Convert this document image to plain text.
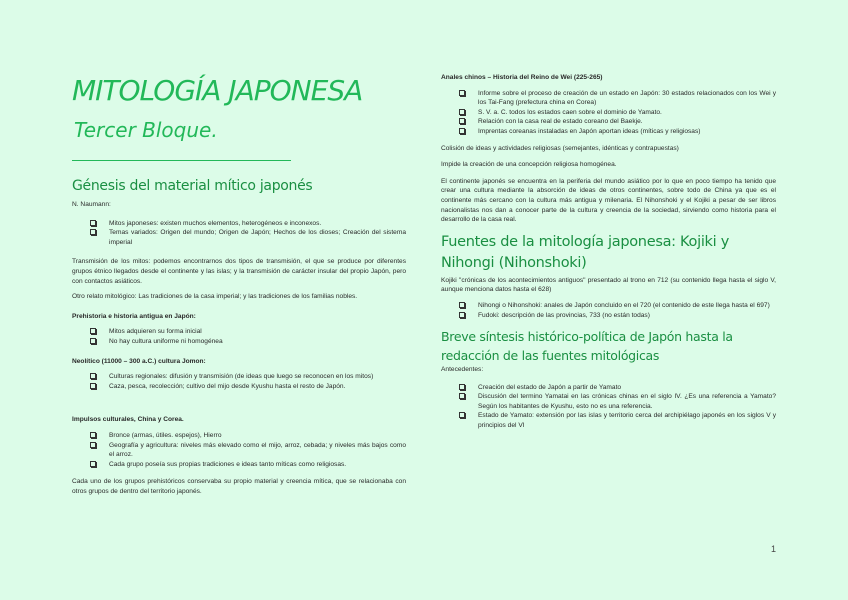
MITOLOGÍA JAPONESA
Tercer Bloque.
Génesis del material mítico japonés

N. Naumann:

Mitos japoneses: existen muchos elementos, heterogéneos e inconexos.
Temas variados: Origen del mundo; Origen de Japón; Hechos de los dioses; Creación del sistema imperial

Transmisión de los mitos: podemos encontrarnos dos tipos de transmisión, el que se produce por diferentes grupos étnico llegados desde el continente y las islas; y la transmisión de carácter insular del propio Japón, pero con contactos asiáticos.

Otro relato mitológico: Las tradiciones de la casa imperial; y las tradiciones de los familias nobles.

Prehistoria e historia antigua en Japón:

Mitos adquieren su forma inicial
No hay cultura uniforme ni homogénea

Neolítico (11000 – 300 a.C.) cultura Jomon:

Culturas regionales: difusión y transmisión (de ideas que luego se reconocen en los mitos)
Caza, pesca, recolección; cultivo del mijo desde Kyushu hasta el resto de Japón.

Impulsos culturales, China y Corea.

Bronce (armas, útiles. espejos), Hierro
Geografía y agricultura: niveles más elevado como el mijo, arroz, cebada; y niveles más bajos como el arroz.
Cada grupo poseía sus propias tradiciones e ideas tanto míticas como religiosas.

Cada uno de los grupos prehistóricos conservaba su propio material y creencia mítica, que se relacionaba con otros grupos de dentro del territorio japonés.

Anales chinos – Historia del Reino de Wei (225-265)

Informe sobre el proceso de creación de un estado en Japón: 30 estados relacionados con los Wei y los Tai-Fang (prefectura china en Corea)
S. V. a. C. todos los estados caen sobre el dominio de Yamato.
Relación con la casa real de estado coreano del Baekje.
Imprentas coreanas instaladas en Japón aportan ideas (míticas y religiosas)

Colisión de ideas y actividades religiosas (semejantes, idénticas y contrapuestas)

Impide la creación de una concepción religiosa homogénea.

El continente japonés se encuentra en la periferia del mundo asiático por lo que en poco tiempo ha tenido que crear una cultura mediante la absorción de ideas de otros continentes, sobre todo de China ya que es el continente más cercano con la cultura más antigua y milenaria. El Nihonshoki y el Kojiki a pesar de ser libros nacionalistas nos dan a conocer parte de la cultura y creencia de la sociedad, sirviendo como historia para el desarrollo de la casa real.

Fuentes de la mitología japonesa: Kojiki y Nihongi (Nihonshoki)

Kojiki "crónicas de los acontecimientos antiguos" presentado al trono en 712 (su contenido llega hasta el siglo V, aunque menciona datos hasta el 628)

Nihongi o Nihonshoki: anales de Japón concluido en el 720 (el contenido de este llega hasta el 697)
Fudoki: descripción de las provincias, 733 (no están todas)
Breve síntesis histórico-política de Japón hasta la redacción de las fuentes mitológicas

Antecedentes:

Creación del estado de Japón a partir de Yamato
Discusión del termino Yamatai en las crónicas chinas en el siglo IV. ¿Es una referencia a Yamato? Según los habitantes de Kyushu, esto no es una referencia.
Estado de Yamato: extensión por las islas y territorio cerca del archipiélago japonés en los siglos V y principios del VI
1
